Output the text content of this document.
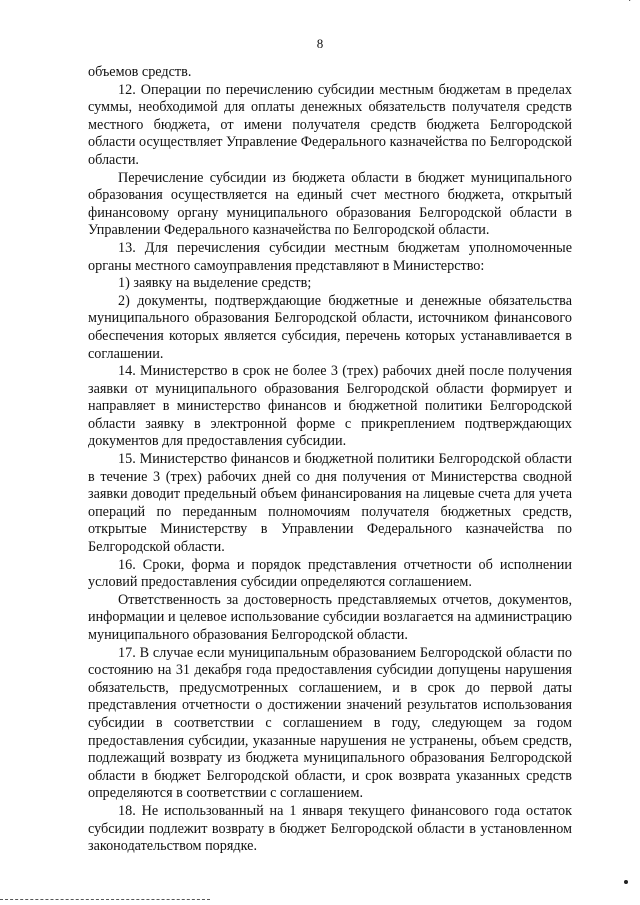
˙
8

объемов средств.

12. Операции по перечислению субсидии местным бюджетам в пределах суммы, необходимой для оплаты денежных обязательств получателя средств местного бюджета, от имени получателя средств бюджета Белгородской области осуществляет Управление Федерального казначейства по Белгородской области.

Перечисление субсидии из бюджета области в бюджет муниципального образования осуществляется на единый счет местного бюджета, открытый финансовому органу муниципального образования Белгородской области в Управлении Федерального казначейства по Белгородской области.

13. Для перечисления субсидии местным бюджетам уполномоченные органы местного самоуправления представляют в Министерство:

1) заявку на выделение средств;

2) документы, подтверждающие бюджетные и денежные обязательства муниципального образования Белгородской области, источником финансового обеспечения которых является субсидия, перечень которых устанавливается в соглашении.

14. Министерство в срок не более 3 (трех) рабочих дней после получения заявки от муниципального образования Белгородской области формирует и направляет в министерство финансов и бюджетной политики Белгородской области заявку в электронной форме с прикреплением подтверждающих документов для предоставления субсидии.

15. Министерство финансов и бюджетной политики Белгородской области в течение 3 (трех) рабочих дней со дня получения от Министерства сводной заявки доводит предельный объем финансирования на лицевые счета для учета операций по переданным полномочиям получателя бюджетных средств, открытые Министерству в Управлении Федерального казначейства по Белгородской области.

16. Сроки, форма и порядок представления отчетности об исполнении условий предоставления субсидии определяются соглашением.

Ответственность за достоверность представляемых отчетов, документов, информации и целевое использование субсидии возлагается на администрацию муниципального образования Белгородской области.

17. В случае если муниципальным образованием Белгородской области по состоянию на 31 декабря года предоставления субсидии допущены нарушения обязательств, предусмотренных соглашением, и в срок до первой даты представления отчетности о достижении значений результатов использования субсидии в соответствии с соглашением в году, следующем за годом предоставления субсидии, указанные нарушения не устранены, объем средств, подлежащий возврату из бюджета муниципального образования Белгородской области в бюджет Белгородской области, и срок возврата указанных средств определяются в соответствии с соглашением.

18. Не использованный на 1 января текущего финансового года остаток субсидии подлежит возврату в бюджет Белгородской области в установленном законодательством порядке.
